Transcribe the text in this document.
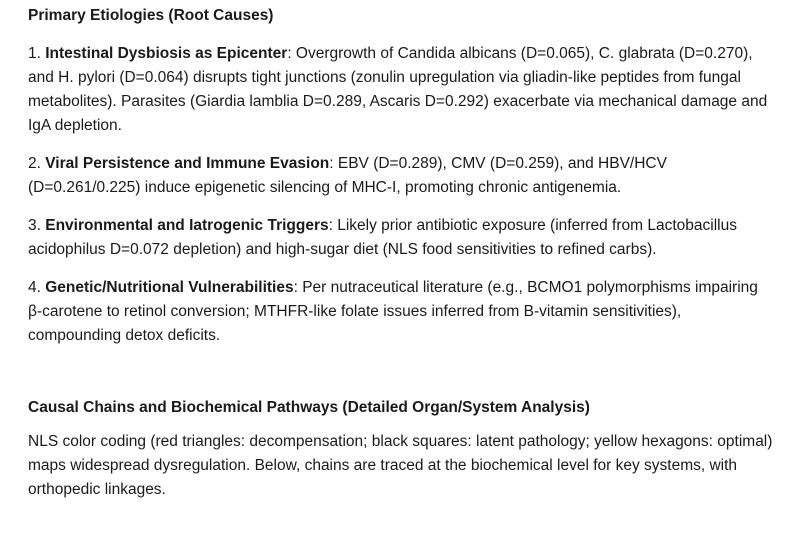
Primary Etiologies (Root Causes)

1. Intestinal Dysbiosis as Epicenter: Overgrowth of Candida albicans (D=0.065), C. glabrata (D=0.270), and H. pylori (D=0.064) disrupts tight junctions (zonulin upregulation via gliadin-like peptides from fungal metabolites). Parasites (Giardia lamblia D=0.289, Ascaris D=0.292) exacerbate via mechanical damage and IgA depletion.

2. Viral Persistence and Immune Evasion: EBV (D=0.289), CMV (D=0.259), and HBV/HCV (D=0.261/0.225) induce epigenetic silencing of MHC-I, promoting chronic antigenemia.

3. Environmental and Iatrogenic Triggers: Likely prior antibiotic exposure (inferred from Lactobacillus acidophilus D=0.072 depletion) and high-sugar diet (NLS food sensitivities to refined carbs).

4. Genetic/Nutritional Vulnerabilities: Per nutraceutical literature (e.g., BCMO1 polymorphisms impairing β-carotene to retinol conversion; MTHFR-like folate issues inferred from B-vitamin sensitivities), compounding detox deficits.

Causal Chains and Biochemical Pathways (Detailed Organ/System Analysis)

NLS color coding (red triangles: decompensation; black squares: latent pathology; yellow hexagons: optimal) maps widespread dysregulation. Below, chains are traced at the biochemical level for key systems, with orthopedic linkages.
